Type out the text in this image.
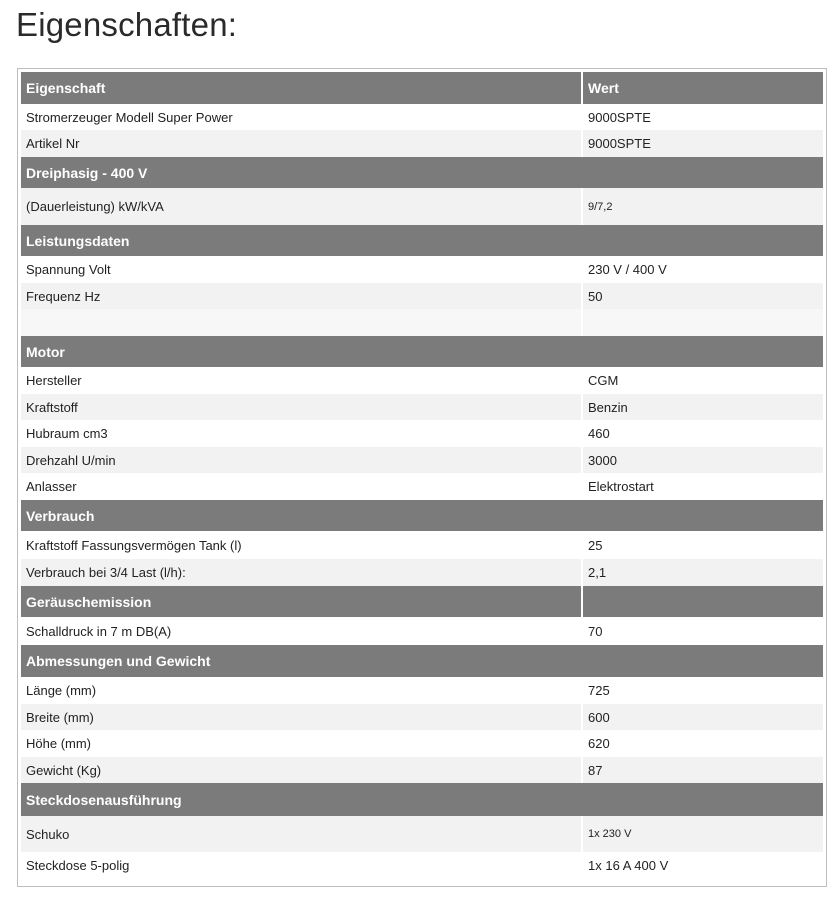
Eigenschaften:
Eigenschaft	Wert
Stromerzeuger Modell Super Power	9000SPTE
Artikel Nr	9000SPTE
Dreiphasig - 400 V	
(Dauerleistung) kW/kVA	9/7,2
Leistungsdaten	
Spannung Volt	230 V / 400 V
Frequenz Hz	50

Motor	
Hersteller	CGM
Kraftstoff	Benzin
Hubraum cm3	460
Drehzahl U/min	3000
Anlasser	Elektrostart
Verbrauch	
Kraftstoff Fassungsvermögen Tank (l)	25
Verbrauch bei 3/4 Last (l/h):	2,1
Geräuschemission	
Schalldruck in 7 m DB(A)	70
Abmessungen und Gewicht	
Länge (mm)	725
Breite (mm)	600
Höhe (mm)	620
Gewicht (Kg)	87
Steckdosenausführung	
Schuko	1x 230 V
Steckdose 5-polig	1x 16 A 400 V
